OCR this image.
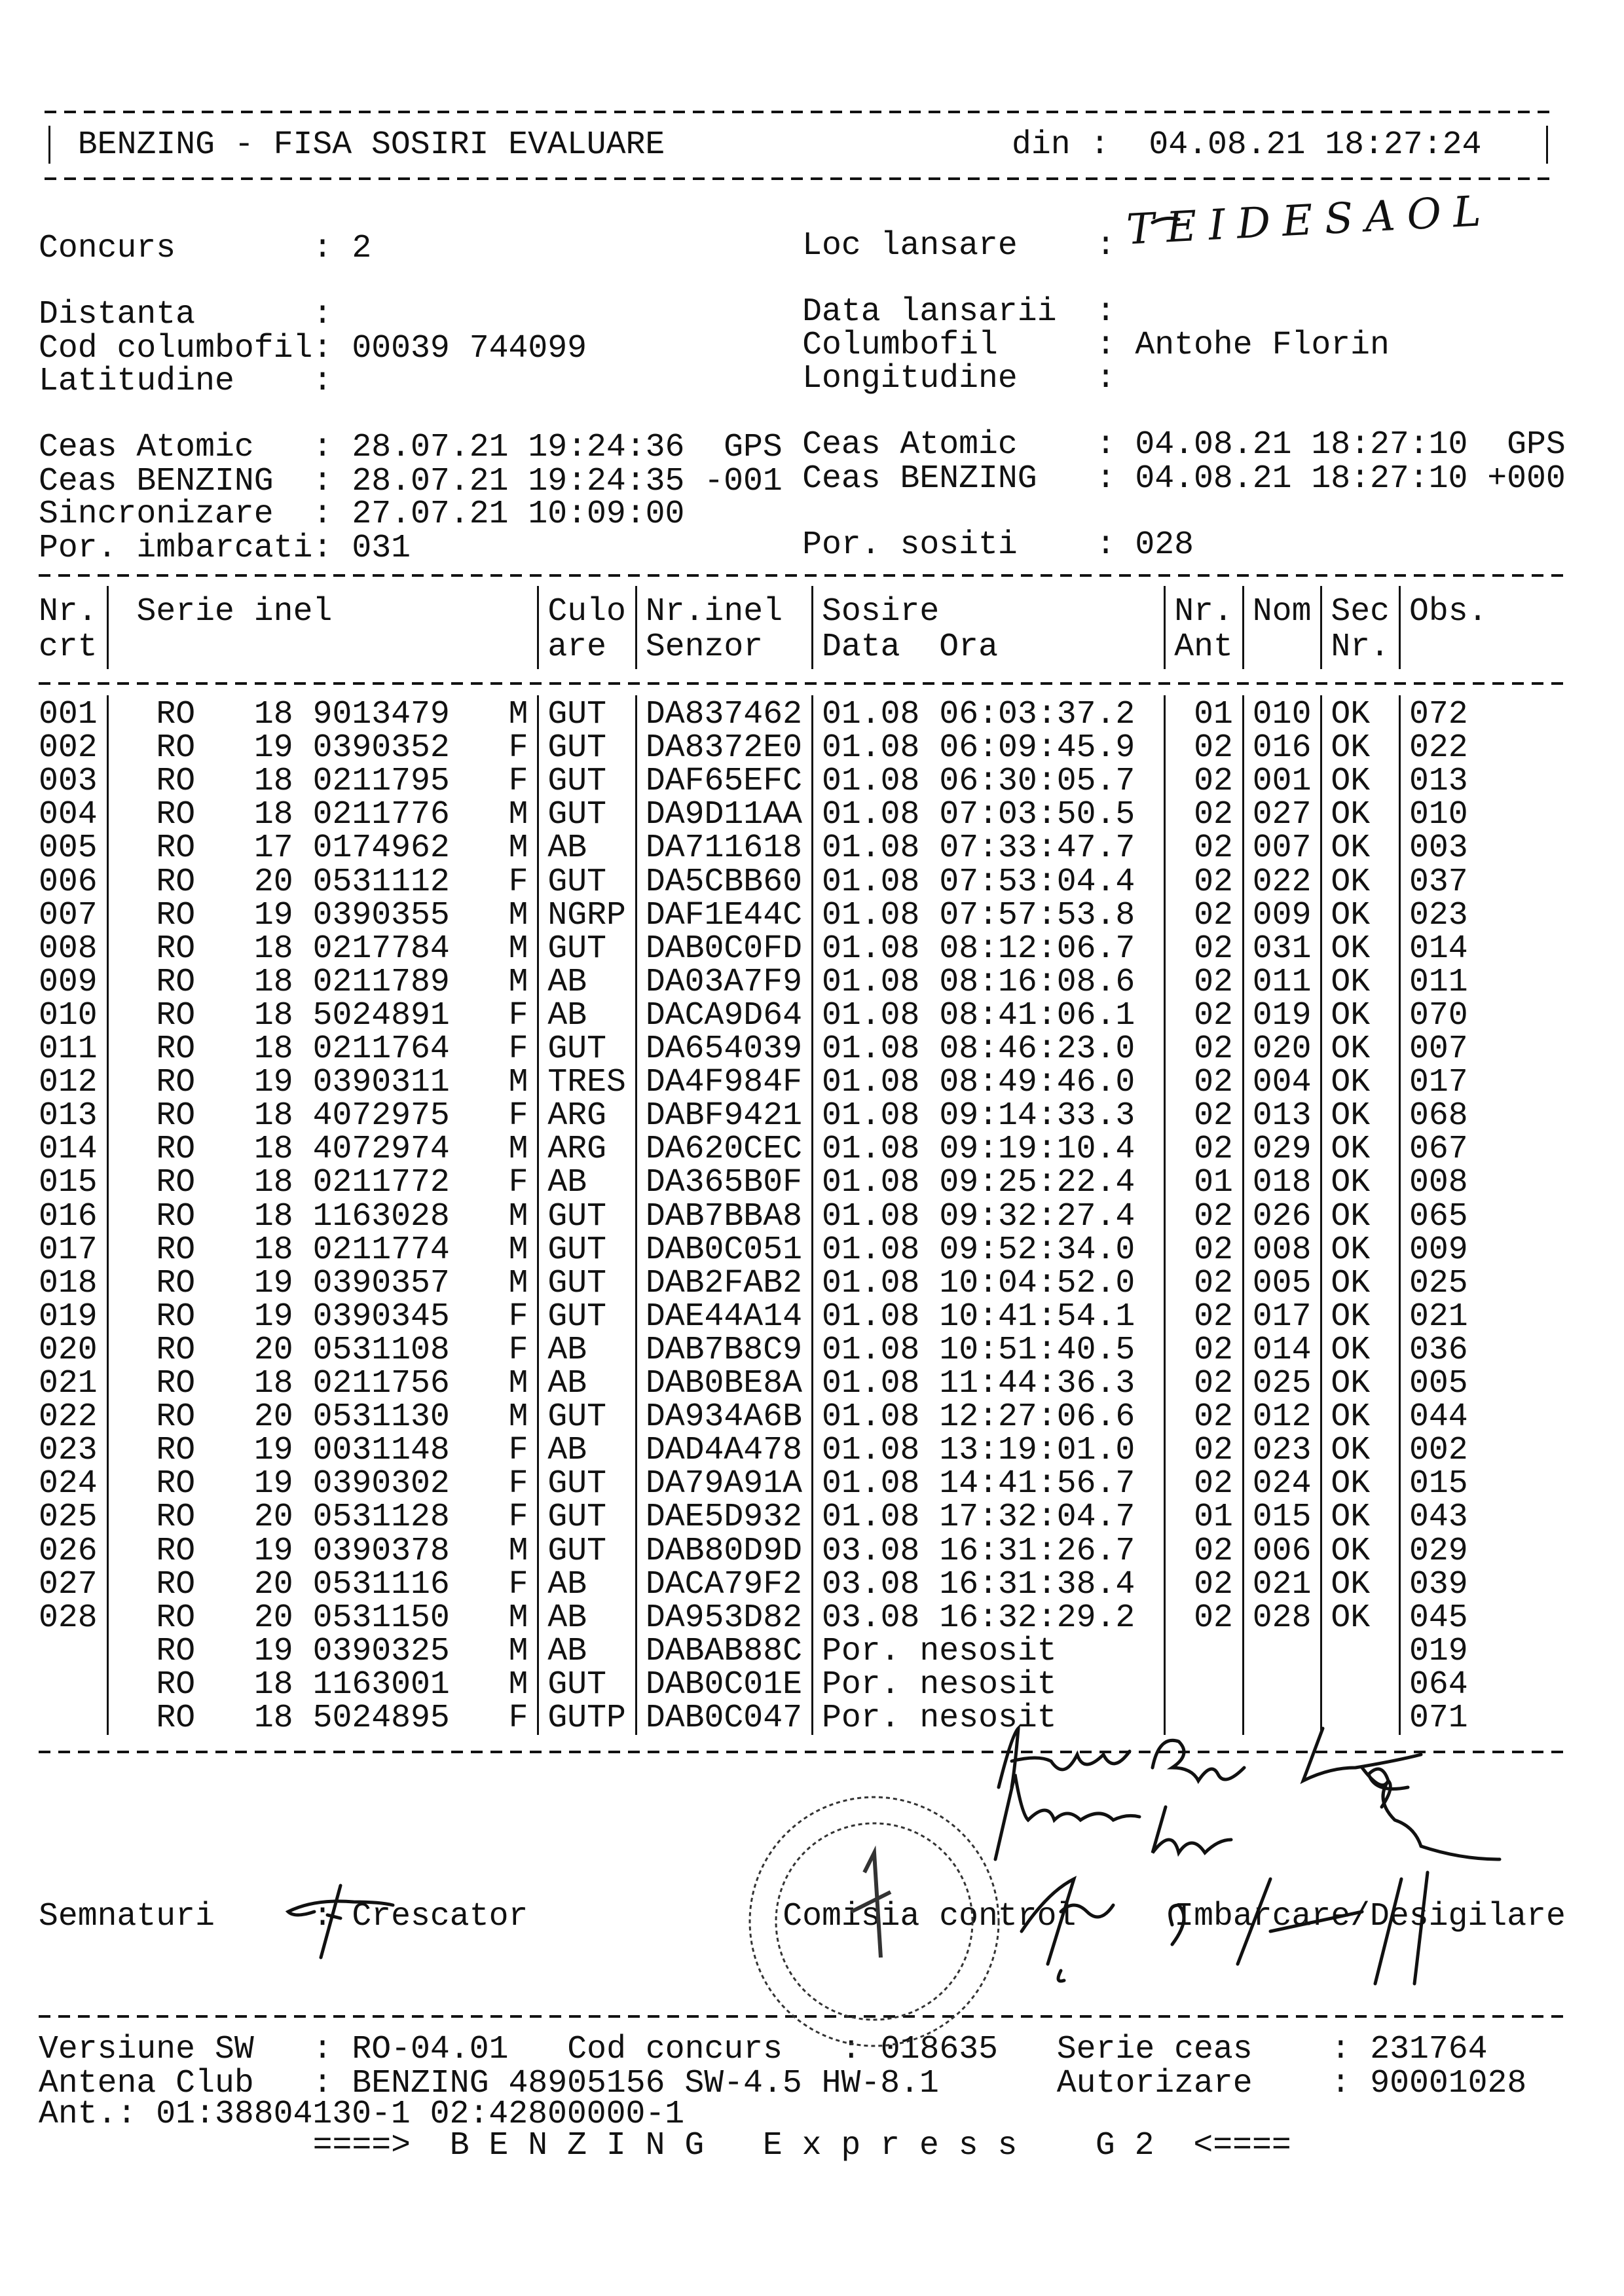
BENZING - FISA SOSIRI EVALUARE	din : 04.08.21 18:27:24
Concurs	: 2
Distanta	:
Cod columbofil : 00039 744099
Latitudine :
Ceas Atomic : 28.07.21 19:24:36  GPS
Ceas BENZING : 28.07.21 19:24:35 -001
Sincronizare : 27.07.21 10:09:00
Por. imbarcati : 031
Loc lansare : TEIDESAOL
Data lansarii :
Columbofil	: Antohe Florin
Longitudine :
Ceas Atomic : 04.08.21 18:27:10  GPS
Ceas BENZING : 04.08.21 18:27:10 +000
Por. sositi : 028
Nr.
crt
Serie inel	Culo
are
Nr.inel
Senzor
Sosire
Data  Ora
Nr.
Ant
Nom Sec
Nr.
Obs.
001 RO 18 9013479 M GUT DA837462 01.08 06:03:37.2 01 010 OK 072
002 RO 19 0390352 F GUT DA8372E0 01.08 06:09:45.9 02 016 OK 022
003 RO 18 0211795 F GUT DAF65EFC 01.08 06:30:05.7 02 001 OK 013
004 RO 18 0211776 M GUT DA9D11AA 01.08 07:03:50.5 02 027 OK 010
005 RO 17 0174962 M AB DA711618 01.08 07:33:47.7 02 007 OK 003
006 RO 20 0531112 F GUT DA5CBB60 01.08 07:53:04.4 02 022 OK 037
007 RO 19 0390355 M NGRP DAF1E44C 01.08 07:57:53.8 02 009 OK 023
008 RO 18 0217784 M GUT DAB0C0FD 01.08 08:12:06.7 02 031 OK 014
009 RO 18 0211789 M AB DA03A7F9 01.08 08:16:08.6 02 011 OK 011
010 RO 18 5024891 F AB DACA9D64 01.08 08:41:06.1 02 019 OK 070
011 RO 18 0211764 F GUT DA654039 01.08 08:46:23.0 02 020 OK 007
012 RO 19 0390311 M TRES DA4F984F 01.08 08:49:46.0 02 004 OK 017
013 RO 18 4072975 F ARG DABF9421 01.08 09:14:33.3 02 013 OK 068
014 RO 18 4072974 M ARG DA620CEC 01.08 09:19:10.4 02 029 OK 067
015 RO 18 0211772 F AB DA365B0F 01.08 09:25:22.4 01 018 OK 008
016 RO 18 1163028 M GUT DAB7BBA8 01.08 09:32:27.4 02 026 OK 065
017 RO 18 0211774 M GUT DAB0C051 01.08 09:52:34.0 02 008 OK 009
018 RO 19 0390357 M GUT DAB2FAB2 01.08 10:04:52.0 02 005 OK 025
019 RO 19 0390345 F GUT DAE44A14 01.08 10:41:54.1 02 017 OK 021
020 RO 20 0531108 F AB DAB7B8C9 01.08 10:51:40.5 02 014 OK 036
021 RO 18 0211756 M AB DAB0BE8A 01.08 11:44:36.3 02 025 OK 005
022 RO 20 0531130 M GUT DA934A6B 01.08 12:27:06.6 02 012 OK 044
023 RO 19 0031148 F AB DAD4A478 01.08 13:19:01.0 02 023 OK 002
024 RO 19 0390302 F GUT DA79A91A 01.08 14:41:56.7 02 024 OK 015
025 RO 20 0531128 F GUT DAE5D932 01.08 17:32:04.7 01 015 OK 043
026 RO 19 0390378 M GUT DAB80D9D 03.08 16:31:26.7 02 006 OK 029
027 RO 20 0531116 F AB DACA79F2 03.08 16:31:38.4 02 021 OK 039
028 RO 20 0531150 M AB DA953D82 03.08 16:32:29.2 02 028 OK 045
RO 19 0390325 M AB DABAB88C Por. nesosit	019
RO 18 1163001 M GUT DAB0C01E Por. nesosit	064
RO 18 5024895 F GUTP DAB0C047 Por. nesosit	071
Semnaturi	: Crescator	Comisia control	Imbarcare/Desigilare
Versiune SW : RO-04.01 Cod concurs : 018635 Serie ceas : 231764
Antena Club : BENZING 48905156 SW-4.5 HW-8.1	Autorizare : 90001028
Ant.: 01:38804130-1 02:42800000-1
====>  B E N Z I N G   E x p r e s s    G 2  <====
